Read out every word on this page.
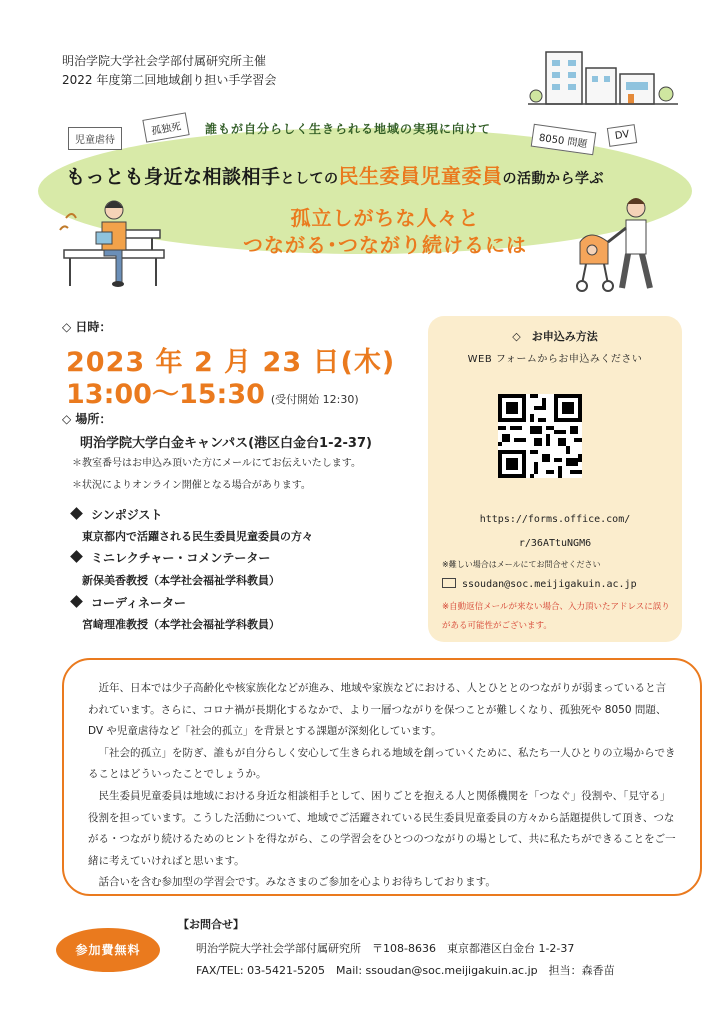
明治学院大学社会学部付属研究所主催
2022 年度第二回地域創り担い手学習会
児童虐待
孤独死
8050 問題	DV
誰もが自分らしく生きられる地域の実現に向けて
もっとも身近な相談相手としての民生委員児童委員の活動から学ぶ
孤立しがちな人々と
つながる･つながり続けるには
◇ 日時：
2023 年 2 月 23 日(木)
13:00～15:30 (受付開始 12:30)
◇ 場所：
明治学院大学白金キャンパス(港区白金台1-2-37)
＊教室番号はお申込み頂いた方にメールにてお伝えいたします。
＊状況によりオンライン開催となる場合があります。
シンポジスト
東京都内で活躍される民生委員児童委員の方々
ミニレクチャー・コメンテーター
新保美香教授（本学社会福祉学科教員）
コーディネーター
宮﨑理准教授（本学社会福祉学科教員）
◇　お申込み方法
WEB フォームからお申込みください
https://forms.office.com/
r/36ATtuNGM6
※難しい場合はメールにてお問合せください
ssoudan@soc.meijigakuin.ac.jp
※自動返信メールが来ない場合、入力頂いたアドレスに誤りがある可能性がございます。

近年、日本では少子高齢化や核家族化などが進み、地域や家族などにおける、人とひととのつながりが弱まっていると言われています。さらに、コロナ禍が長期化するなかで、より一層つながりを保つことが難しくなり、孤独死や 8050 問題、DV や児童虐待など「社会的孤立」を背景とする課題が深刻化しています。

「社会的孤立」を防ぎ、誰もが自分らしく安心して生きられる地域を創っていくために、私たち一人ひとりの立場からできることはどういったことでしょうか。

民生委員児童委員は地域における身近な相談相手として、困りごとを抱える人と関係機関を「つなぐ」役割や、「見守る」役割を担っています。こうした活動について、地域でご活躍されている民生委員児童委員の方々から話題提供して頂き、つながる・つながり続けるためのヒントを得ながら、この学習会をひとつのつながりの場として、共に私たちができることをご一緒に考えていければと思います。

話合いを含む参加型の学習会です。みなさまのご参加を心よりお待ちしております。

参加費無料
【お問合せ】
明治学院大学社会学部付属研究所　〒108-8636　東京都港区白金台 1-2-37
FAX/TEL: 03-5421-5205　Mail: ssoudan@soc.meijigakuin.ac.jp　担当：森香苗
